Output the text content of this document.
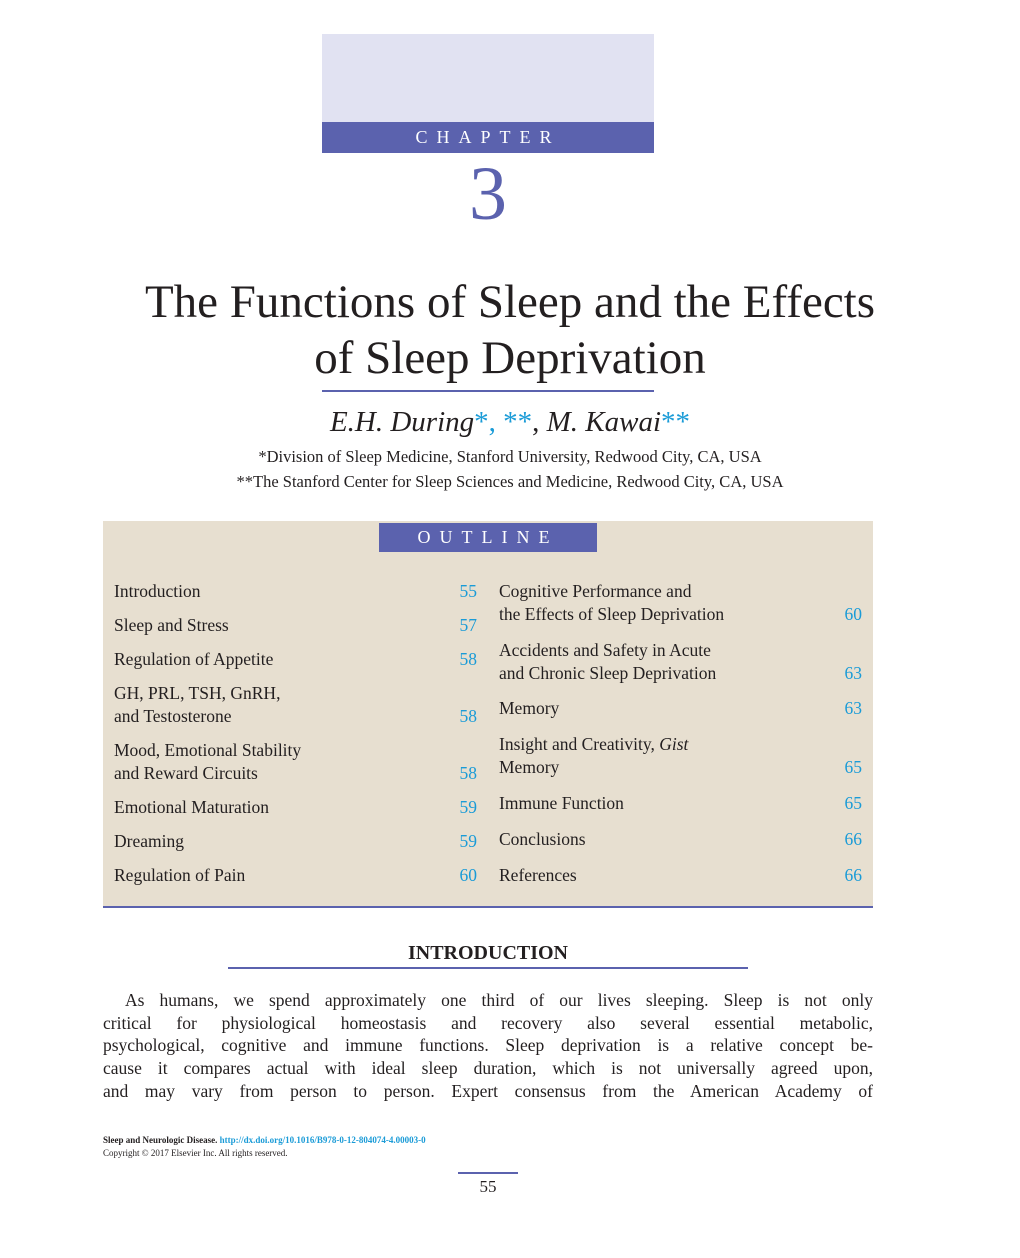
CHAPTER
3
The Functions of Sleep and the Effects
of Sleep Deprivation
E.H. During*, **, M. Kawai**
*Division of Sleep Medicine, Stanford University, Redwood City, CA, USA
**The Stanford Center for Sleep Sciences and Medicine, Redwood City, CA, USA
OUTLINE
Introduction	55
Sleep and Stress	57
Regulation of Appetite	58
GH, PRL, TSH, GnRH,
and Testosterone	58
Mood, Emotional Stability
and Reward Circuits	58
Emotional Maturation	59
Dreaming	59
Regulation of Pain	60
Cognitive Performance and
the Effects of Sleep Deprivation	60
Accidents and Safety in Acute
and Chronic Sleep Deprivation	63
Memory	63
Insight and Creativity, Gist
Memory	65
Immune Function	65
Conclusions	66
References	66
INTRODUCTION
As humans, we spend approximately one third of our lives sleeping. Sleep is not only
critical for physiological homeostasis and recovery also several essential metabolic,
psychological, cognitive and immune functions. Sleep deprivation is a relative concept be-
cause it compares actual with ideal sleep duration, which is not universally agreed upon,
and may vary from person to person. Expert consensus from the American Academy of
Sleep and Neurologic Disease. http://dx.doi.org/10.1016/B978-0-12-804074-4.00003-0
Copyright © 2017 Elsevier Inc. All rights reserved.
55
